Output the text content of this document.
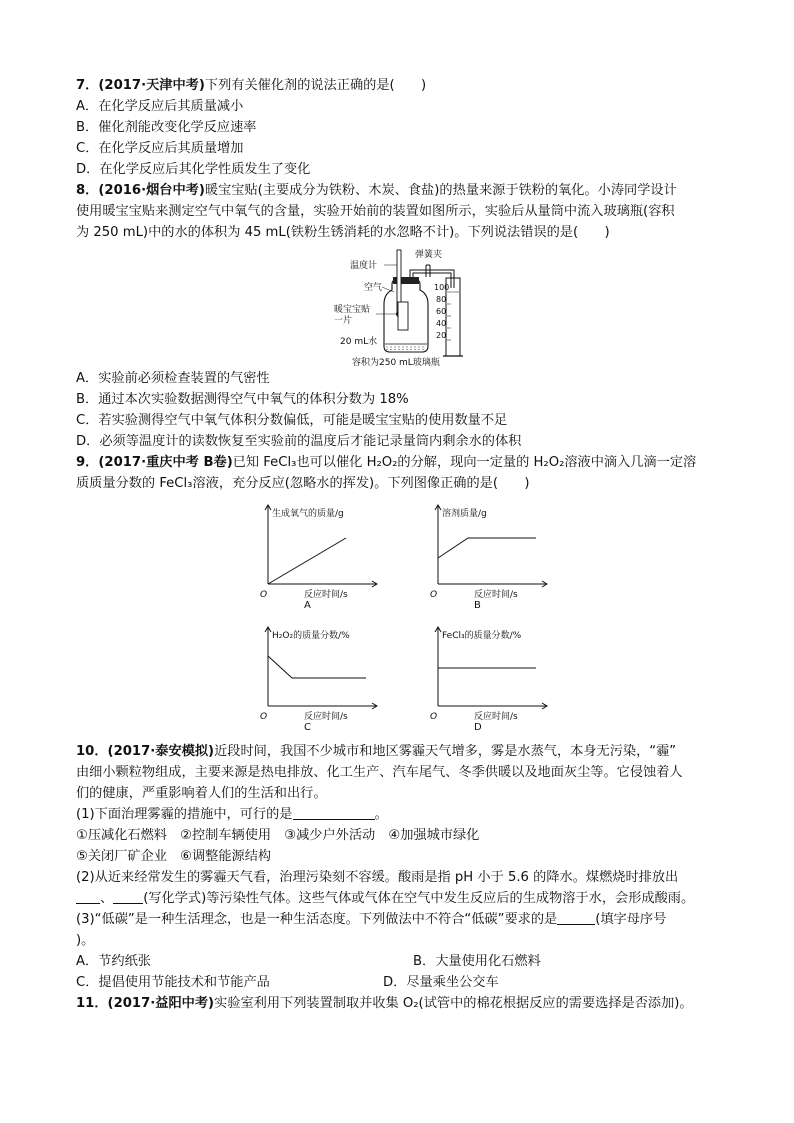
7．(2017·天津中考)下列有关催化剂的说法正确的是(　　)
A．在化学反应后其质量减小
B．催化剂能改变化学反应速率
C．在化学反应后其质量增加
D．在化学反应后其化学性质发生了变化
8．(2016·烟台中考)暖宝宝贴(主要成分为铁粉、木炭、食盐)的热量来源于铁粉的氧化。小涛同学设计
使用暖宝宝贴来测定空气中氧气的含量，实验开始前的装置如图所示，实验后从量筒中流入玻璃瓶(容积
为 250 mL)中的水的体积为 45 mL(铁粉生锈消耗的水忽略不计)。下列说法错误的是(　　)
温度计
弹簧夹
空气
暖宝宝贴
一片
20 mL水
100
80
60
40
20
容积为250 mL玻璃瓶
A．实验前必须检查装置的气密性
B．通过本次实验数据测得空气中氧气的体积分数为 18%
C．若实验测得空气中氧气体积分数偏低，可能是暖宝宝贴的使用数量不足
D．必须等温度计的读数恢复至实验前的温度后才能记录量筒内剩余水的体积
9．(2017·重庆中考 B卷)已知 FeCl₃也可以催化 H₂O₂的分解，现向一定量的 H₂O₂溶液中滴入几滴一定溶
质质量分数的 FeCl₃溶液，充分反应(忽略水的挥发)。下列图像正确的是(　　)
生成氧气的质量/g
反应时间/s
O
A
溶剂质量/g
反应时间/s
O
B
H₂O₂的质量分数/%
反应时间/s
O
C
FeCl₃的质量分数/%
反应时间/s
O
D
10．(2017·泰安模拟)近段时间，我国不少城市和地区雾霾天气增多，雾是水蒸气，本身无污染，“霾”
由细小颗粒物组成，主要来源是热电排放、化工生产、汽车尾气、冬季供暖以及地面灰尘等。它侵蚀着人
们的健康，严重影响着人们的生活和出行。
(1)下面治理雾霾的措施中，可行的是	。
①压减化石燃料　②控制车辆使用　③减少户外活动　④加强城市绿化
⑤关闭厂矿企业　⑥调整能源结构
(2)从近来经常发生的雾霾天气看，治理污染刻不容缓。酸雨是指 pH 小于 5.6 的降水。煤燃烧时排放出
、 (写化学式)等污染性气体。这些气体或气体在空气中发生反应后的生成物溶于水，会形成酸雨。
(3)“低碳”是一种生活理念，也是一种生活态度。下列做法中不符合“低碳”要求的是	(填字母序号
)。
A．节约纸张	B．大量使用化石燃料
C．提倡使用节能技术和节能产品	D．尽量乘坐公交车
11．(2017·益阳中考)实验室利用下列装置制取并收集 O₂(试管中的棉花根据反应的需要选择是否添加)。
